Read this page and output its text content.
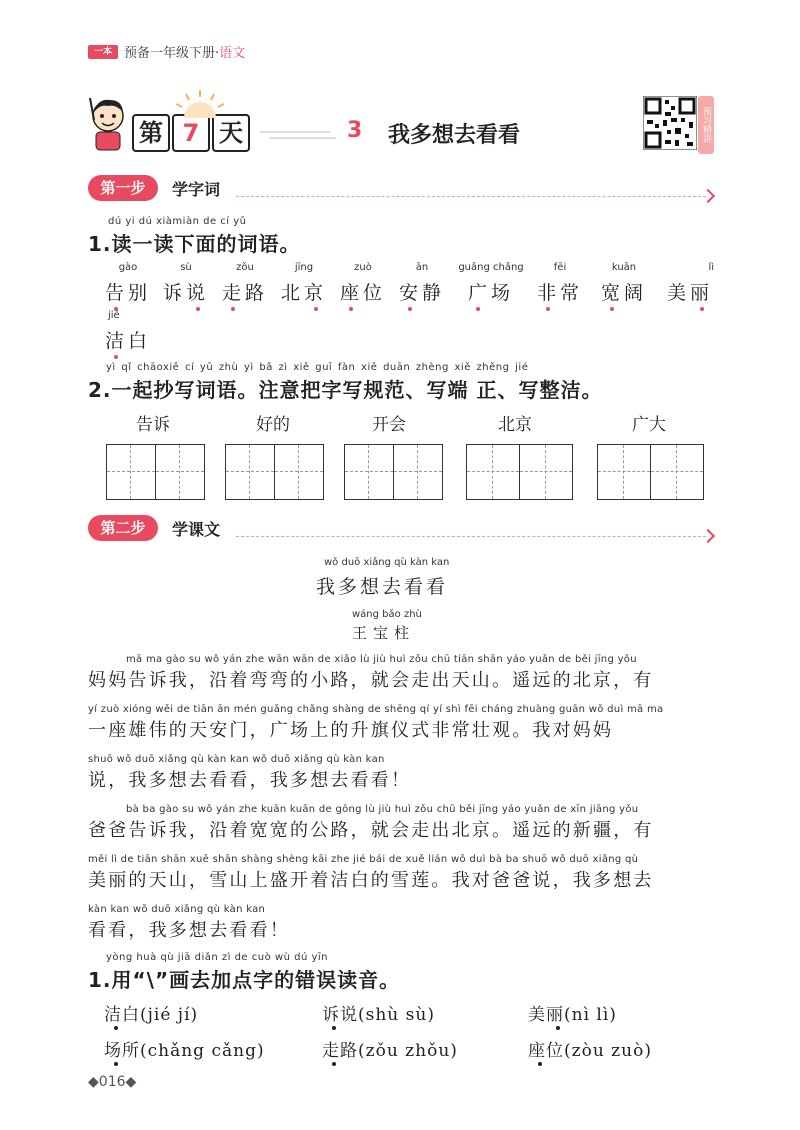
一本 预备一年级下册·语文
第 7 天	3 我多想去看看	预习精讲
第一步	学字词
dú yi dú xiàmiàn de cí yǔ
1.读一读下面的词语。
gào
告别
sù
诉说
zǒu
走路
jīng
北京
zuò
座位
ān
安静
guǎng chǎng
广场
fēi
非常
kuān
宽阔
lì
美丽
jié
洁白
yì qǐ chāoxiě cí yǔ zhù yì bǎ zì xiě guī fàn xiě duān zhèng xiě zhěng jié
2.一起抄写词语。注意把字写规范、写端 正、写整洁。
告诉	好的	开会	北京	广大
第二步	学课文
wǒ duō xiǎng qù kàn kan
我多想去看看
wáng bǎo zhù
王宝柱
mā ma gào su wǒ yán zhe wān wān de xiǎo lù jiù huì zǒu chū tiān shān yáo yuǎn de běi jīng yǒu
妈妈告诉我，沿着弯弯的小路，就会走出天山。遥远的北京，有
yí zuò xióng wěi de tiān ān mén guǎng chǎng shàng de shēng qí yí shì fēi cháng zhuàng guān wǒ duì mā ma
一座雄伟的天安门，广场上的升旗仪式非常壮观。我对妈妈
shuō wǒ duō xiǎng qù kàn kan wǒ duō xiǎng qù kàn kan
说，我多想去看看，我多想去看看！
bà ba gào su wǒ yán zhe kuān kuān de gōng lù jiù huì zǒu chū běi jīng yáo yuǎn de xīn jiāng yǒu
爸爸告诉我，沿着宽宽的公路，就会走出北京。遥远的新疆，有
měi lì de tiān shān xuě shān shàng shèng kāi zhe jié bái de xuě lián wǒ duì bà ba shuō wǒ duō xiǎng qù
美丽的天山，雪山上盛开着洁白的雪莲。我对爸爸说，我多想去
kàn kan wǒ duō xiǎng qù kàn kan
看看，我多想去看看！
yòng huà qù jiā diǎn zì de cuò wù dú yīn
1.用“\”画去加点字的错误读音。
洁白(jié jí)	诉说(shù sù)	美丽(nì lì)
场所(chǎng cǎng)	走路(zǒu zhǒu)	座位(zòu zuò)
◆016◆
